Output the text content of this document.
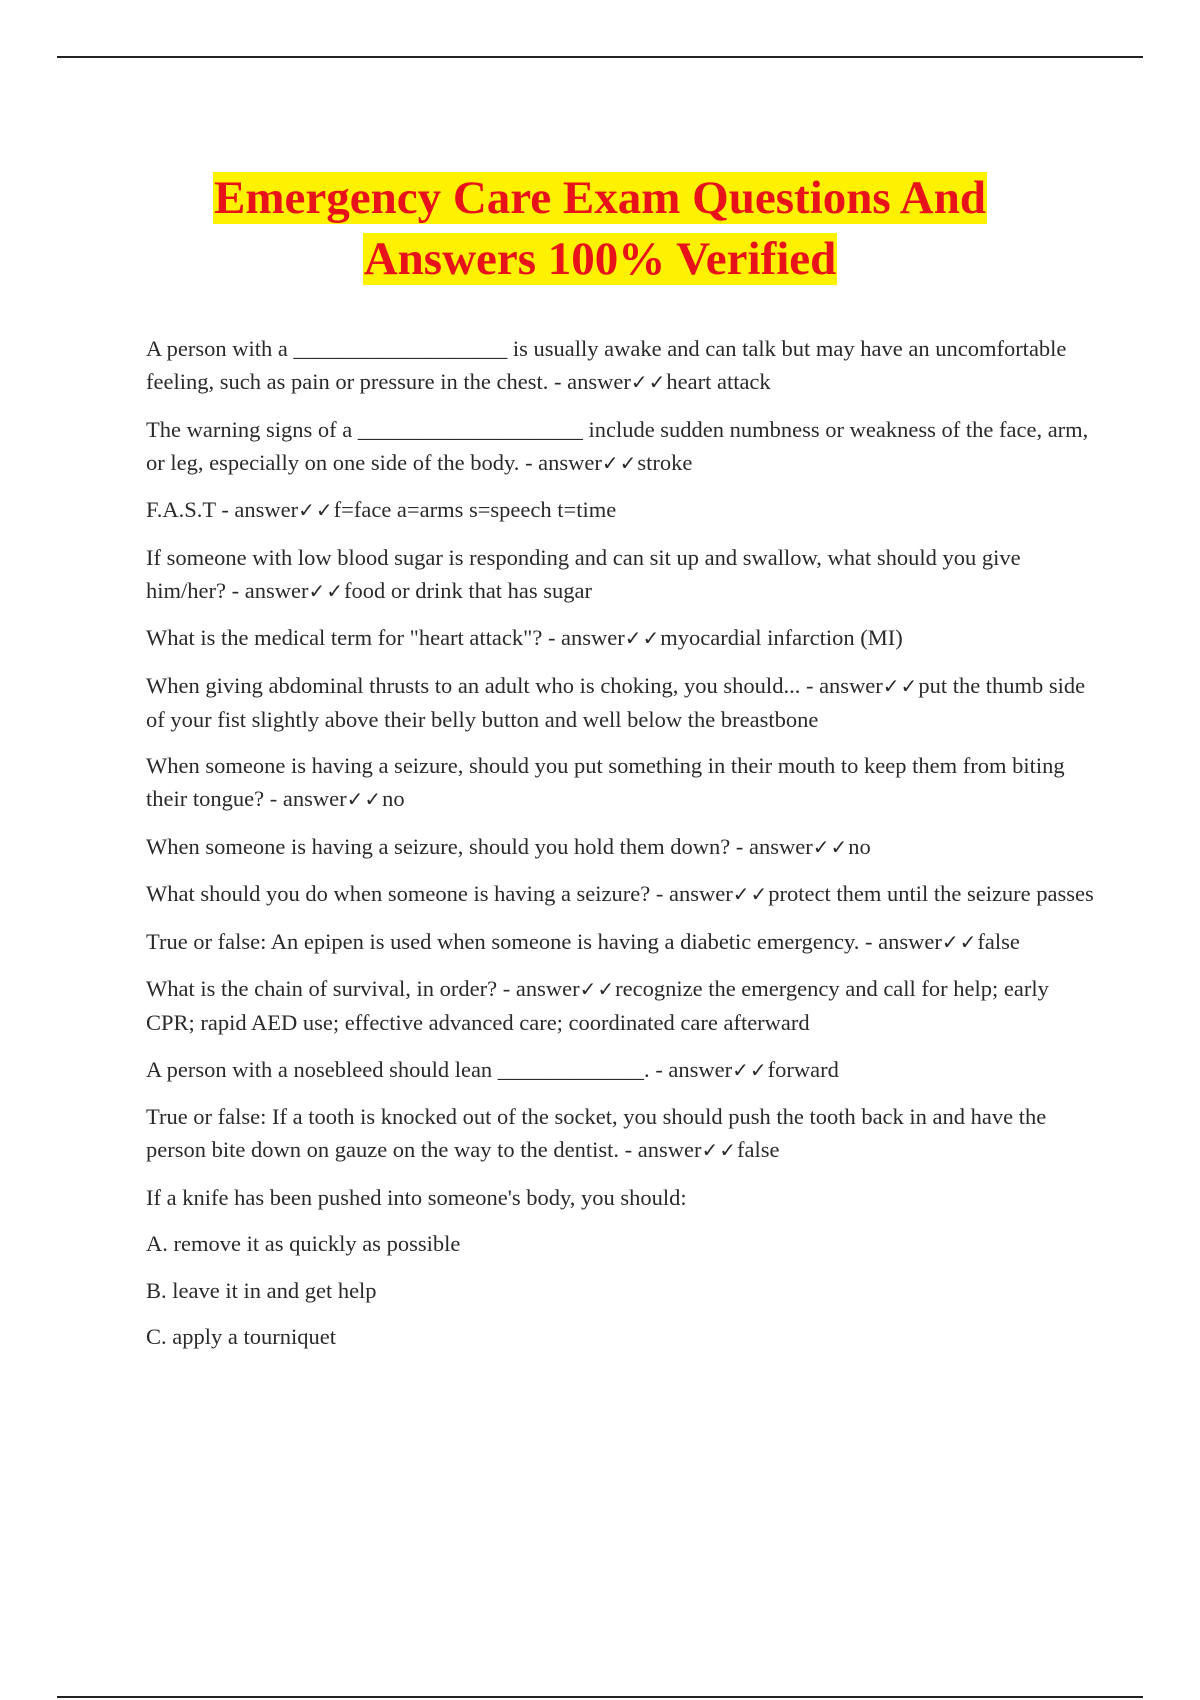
Emergency Care Exam Questions And
Answers 100% Verified

A person with a ___________________ is usually awake and can talk but may have an uncomfortable feeling, such as pain or pressure in the chest. - answer✓✓heart attack

The warning signs of a ____________________ include sudden numbness or weakness of the face, arm, or leg, especially on one side of the body. - answer✓✓stroke

F.A.S.T - answer✓✓f=face a=arms s=speech t=time

If someone with low blood sugar is responding and can sit up and swallow, what should you give him/her? - answer✓✓food or drink that has sugar

What is the medical term for "heart attack"? - answer✓✓myocardial infarction (MI)

When giving abdominal thrusts to an adult who is choking, you should... - answer✓✓put the thumb side of your fist slightly above their belly button and well below the breastbone

When someone is having a seizure, should you put something in their mouth to keep them from biting their tongue? - answer✓✓no

When someone is having a seizure, should you hold them down? - answer✓✓no

What should you do when someone is having a seizure? - answer✓✓protect them until the seizure passes

True or false: An epipen is used when someone is having a diabetic emergency. - answer✓✓false

What is the chain of survival, in order? - answer✓✓recognize the emergency and call for help; early CPR; rapid AED use; effective advanced care; coordinated care afterward

A person with a nosebleed should lean _____________. - answer✓✓forward

True or false: If a tooth is knocked out of the socket, you should push the tooth back in and have the person bite down on gauze on the way to the dentist. - answer✓✓false

If a knife has been pushed into someone's body, you should:

A. remove it as quickly as possible

B. leave it in and get help

C. apply a tourniquet
